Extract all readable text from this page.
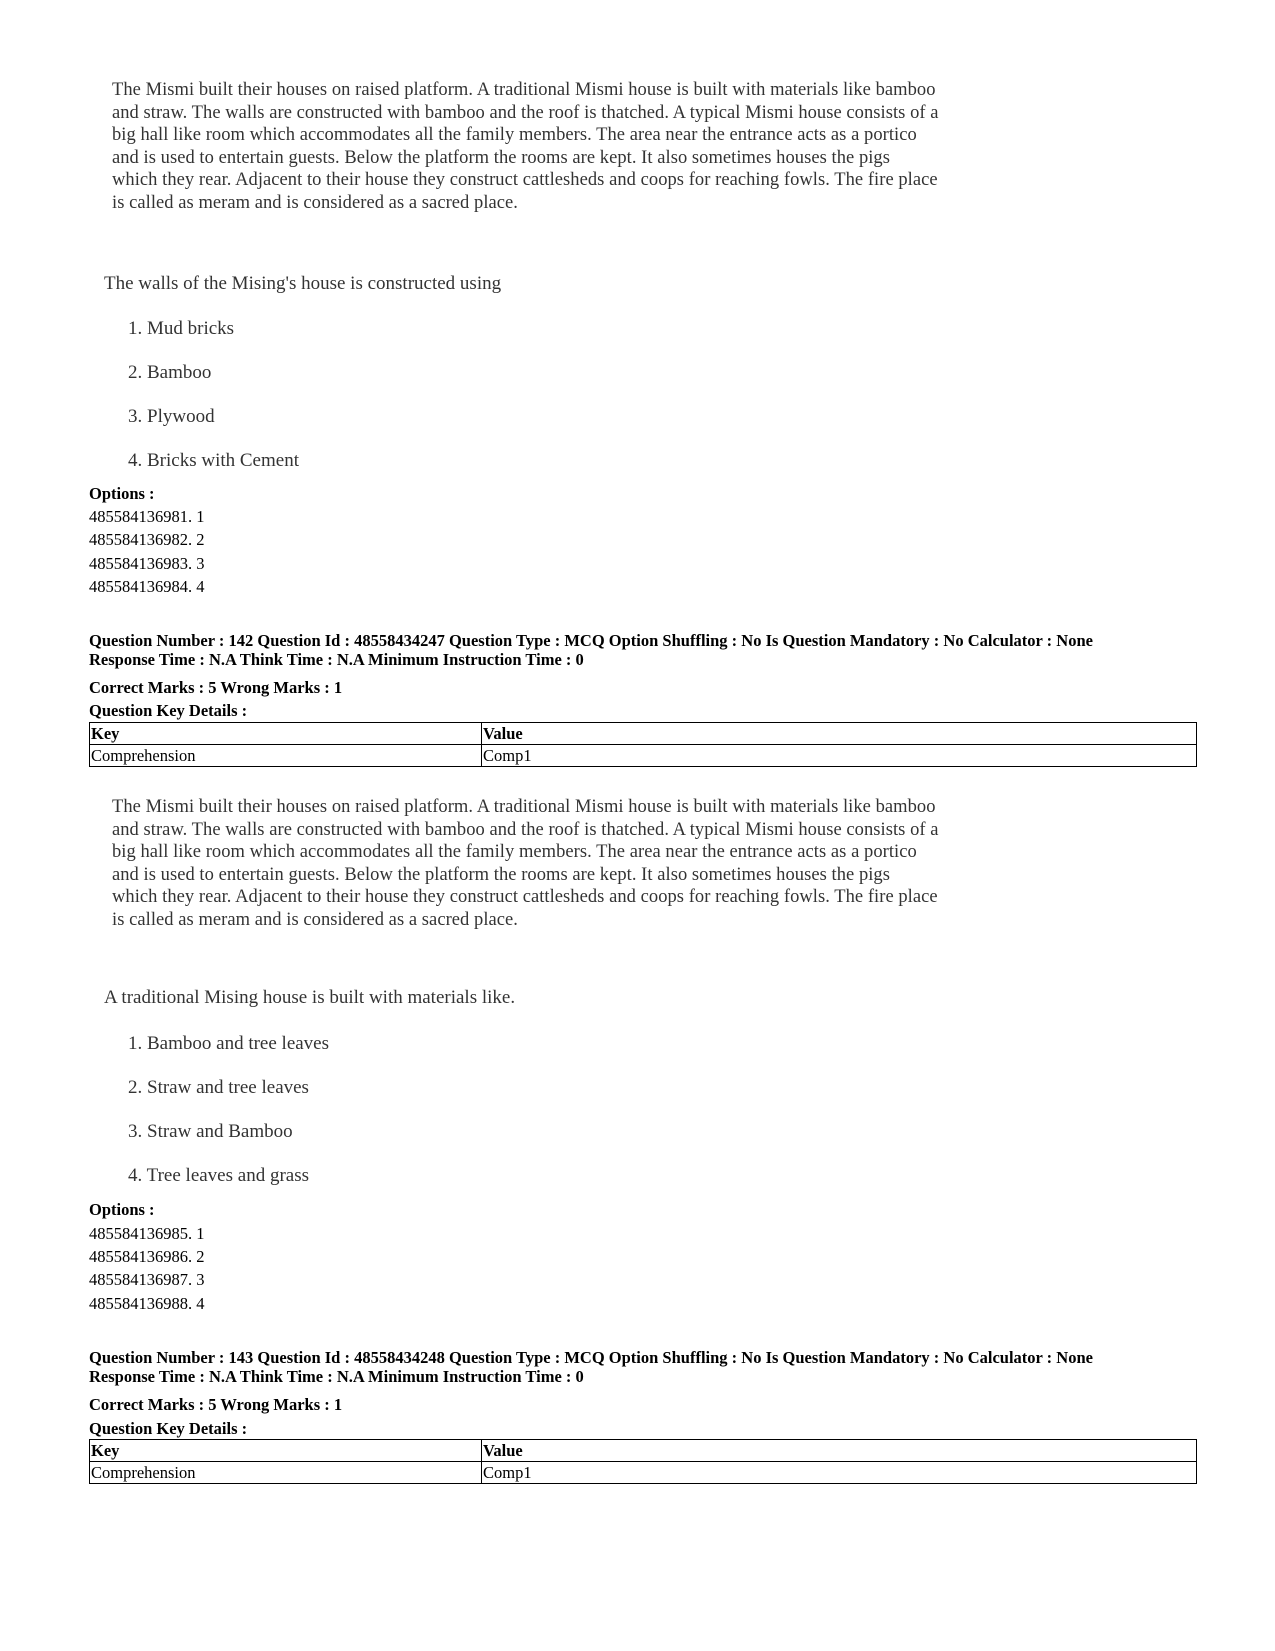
The Mismi built their houses on raised platform. A traditional Mismi house is built with materials like bamboo
and straw. The walls are constructed with bamboo and the roof is thatched. A typical Mismi house consists of a
big hall like room which accommodates all the family members. The area near the entrance acts as a portico
and is used to entertain guests. Below the platform the rooms are kept. It also sometimes houses the pigs
which they rear. Adjacent to their house they construct cattlesheds and coops for reaching fowls. The fire place
is called as meram and is considered as a sacred place.
The walls of the Mising's house is constructed using
1. Mud bricks
2. Bamboo
3. Plywood
4. Bricks with Cement
Options :
485584136981. 1
485584136982. 2
485584136983. 3
485584136984. 4
Question Number : 142 Question Id : 48558434247 Question Type : MCQ Option Shuffling : No Is Question Mandatory : No Calculator : None
Response Time : N.A Think Time : N.A Minimum Instruction Time : 0
Correct Marks : 5 Wrong Marks : 1
Question Key Details :
Key	Value
Comprehension	Comp1
The Mismi built their houses on raised platform. A traditional Mismi house is built with materials like bamboo
and straw. The walls are constructed with bamboo and the roof is thatched. A typical Mismi house consists of a
big hall like room which accommodates all the family members. The area near the entrance acts as a portico
and is used to entertain guests. Below the platform the rooms are kept. It also sometimes houses the pigs
which they rear. Adjacent to their house they construct cattlesheds and coops for reaching fowls. The fire place
is called as meram and is considered as a sacred place.
A traditional Mising house is built with materials like.
1. Bamboo and tree leaves
2. Straw and tree leaves
3. Straw and Bamboo
4. Tree leaves and grass
Options :
485584136985. 1
485584136986. 2
485584136987. 3
485584136988. 4
Question Number : 143 Question Id : 48558434248 Question Type : MCQ Option Shuffling : No Is Question Mandatory : No Calculator : None
Response Time : N.A Think Time : N.A Minimum Instruction Time : 0
Correct Marks : 5 Wrong Marks : 1
Question Key Details :
Key	Value
Comprehension	Comp1
